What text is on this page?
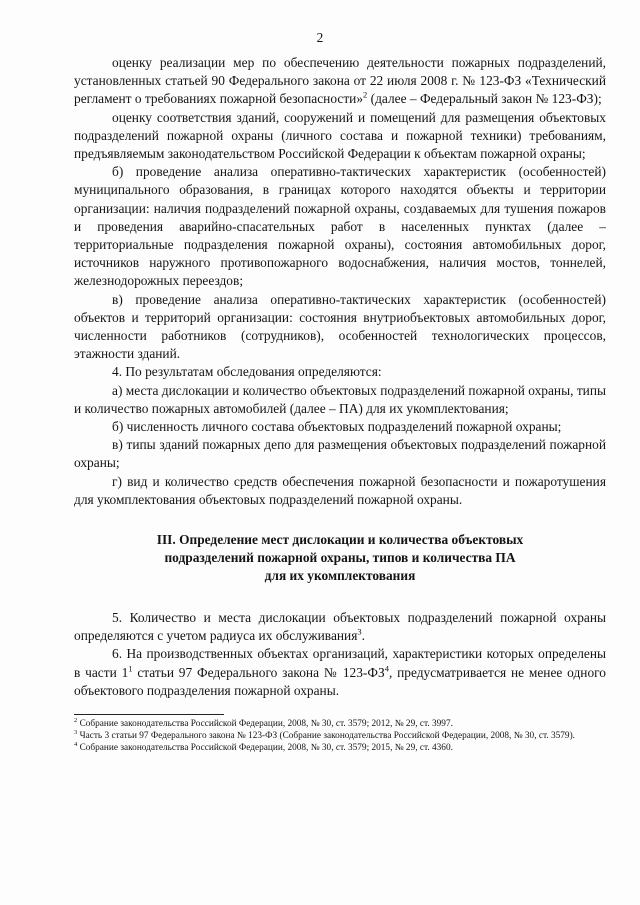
2

оценку реализации мер по обеспечению деятельности пожарных подразделений, установленных статьей 90 Федерального закона от 22 июля 2008 г. № 123-ФЗ «Технический регламент о требованиях пожарной безопасности»$^2$ (далее – Федеральный закон № 123-ФЗ);

оценку соответствия зданий, сооружений и помещений для размещения объектовых подразделений пожарной охраны (личного состава и пожарной техники) требованиям, предъявляемым законодательством Российской Федерации к объектам пожарной охраны;

б) проведение анализа оперативно-тактических характеристик (особенностей) муниципального образования, в границах которого находятся объекты и территории организации: наличия подразделений пожарной охраны, создаваемых для тушения пожаров и проведения аварийно-спасательных работ в населенных пунктах (далее – территориальные подразделения пожарной охраны), состояния автомобильных дорог, источников наружного противопожарного водоснабжения, наличия мостов, тоннелей, железнодорожных переездов;

в) проведение анализа оперативно-тактических характеристик (особенностей) объектов и территорий организации: состояния внутриобъектовых автомобильных дорог, численности работников (сотрудников), особенностей технологических процессов, этажности зданий.

4. По результатам обследования определяются:

а) места дислокации и количество объектовых подразделений пожарной охраны, типы и количество пожарных автомобилей (далее – ПА) для их укомплектования;

б) численность личного состава объектовых подразделений пожарной охраны;

в) типы зданий пожарных депо для размещения объектовых подразделений пожарной охраны;

г) вид и количество средств обеспечения пожарной безопасности и пожаротушения для укомплектования объектовых подразделений пожарной охраны.

III. Определение мест дислокации и количества объектовых
подразделений пожарной охраны, типов и количества ПА
для их укомплектования

5. Количество и места дислокации объектовых подразделений пожарной охраны определяются с учетом радиуса их обслуживания$^3$.

6. На производственных объектах организаций, характеристики которых определены в части $1^1$ статьи 97 Федерального закона № $123-ФЗ^4$, предусматривается не менее одного объектового подразделения пожарной охраны.

$^2$ Собрание законодательства Российской Федерации, 2008, № 30, ст. 3579; 2012, № 29, ст. 3997.

$^3$ Часть 3 статьи 97 Федерального закона № 123-ФЗ (Собрание законодательства Российской Федерации, 2008, № 30, ст. 3579).

$^4$ Собрание законодательства Российской Федерации, 2008, № 30, ст. 3579; 2015, № 29, ст. 4360.
